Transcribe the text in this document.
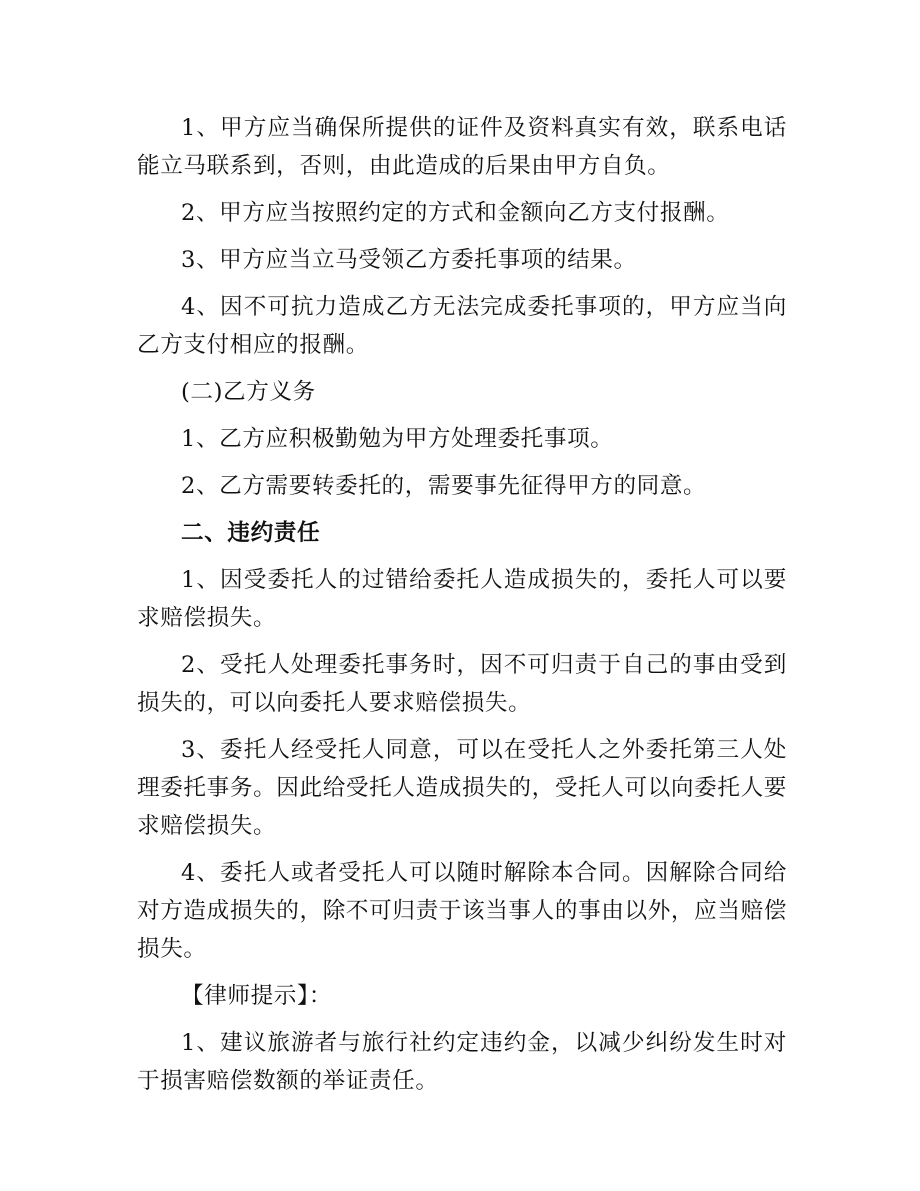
1、甲方应当确保所提供的证件及资料真实有效，联系电话能立马联系到，否则，由此造成的后果由甲方自负。

2、甲方应当按照约定的方式和金额向乙方支付报酬。

3、甲方应当立马受领乙方委托事项的结果。

4、因不可抗力造成乙方无法完成委托事项的，甲方应当向乙方支付相应的报酬。

(二)乙方义务

1、乙方应积极勤勉为甲方处理委托事项。

2、乙方需要转委托的，需要事先征得甲方的同意。

二、违约责任

1、因受委托人的过错给委托人造成损失的，委托人可以要求赔偿损失。

2、受托人处理委托事务时，因不可归责于自己的事由受到损失的，可以向委托人要求赔偿损失。

3、委托人经受托人同意，可以在受托人之外委托第三人处理委托事务。因此给受托人造成损失的，受托人可以向委托人要求赔偿损失。

4、委托人或者受托人可以随时解除本合同。因解除合同给对方造成损失的，除不可归责于该当事人的事由以外，应当赔偿损失。

【律师提示】：

1、建议旅游者与旅行社约定违约金，以减少纠纷发生时对于损害赔偿数额的举证责任。
